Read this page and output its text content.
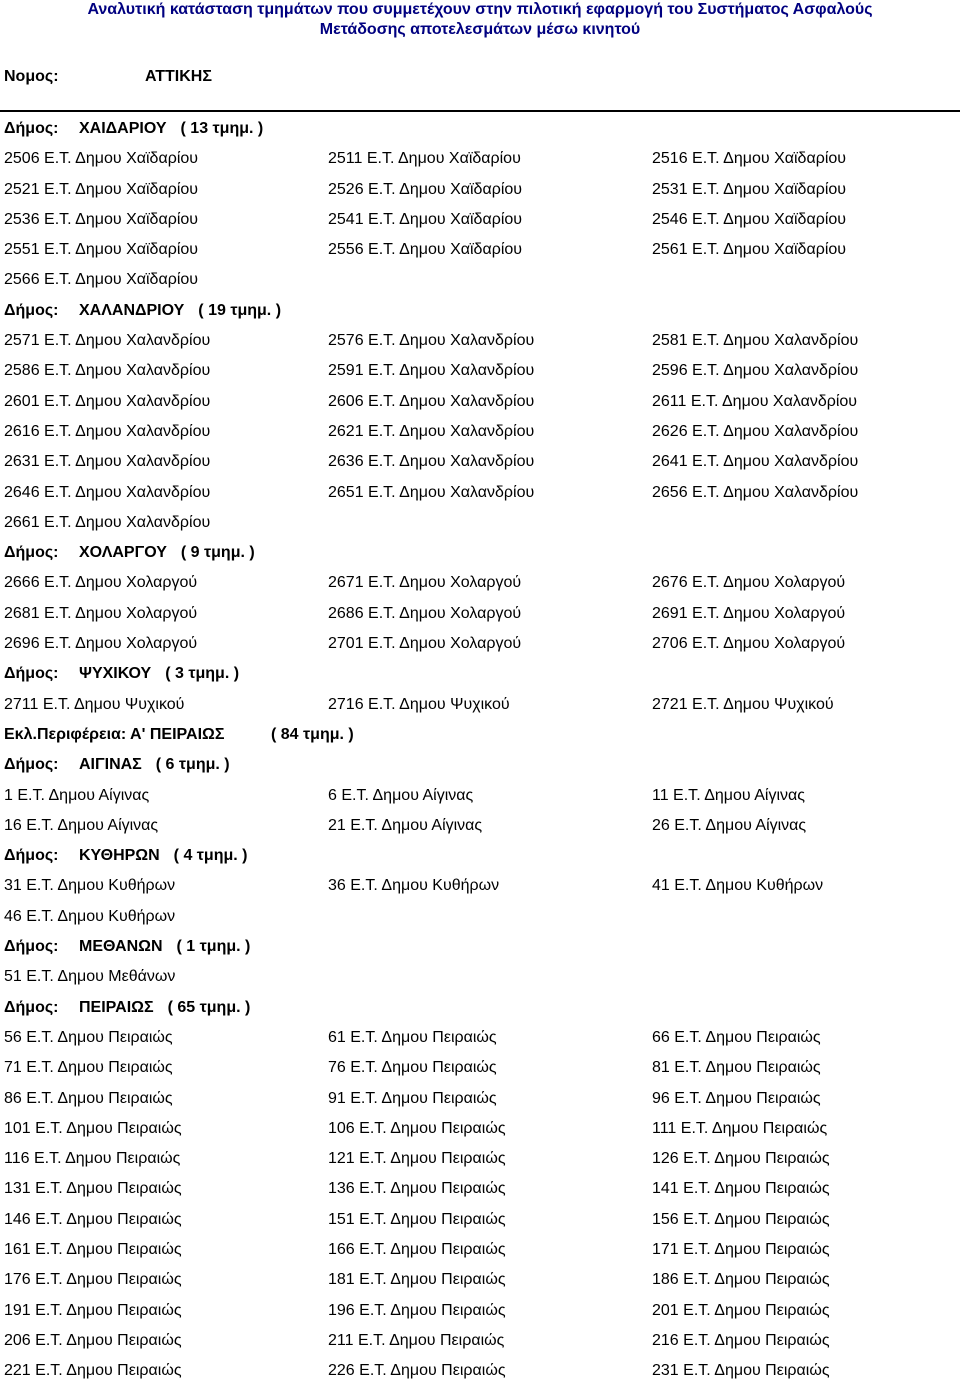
Αναλυτική κατάσταση τμημάτων που συμμετέχουν στην πιλοτική εφαρμογή του Συστήματος Ασφαλούς
Μετάδοσης αποτελεσμάτων μέσω κινητού
Νομος:	ΑΤΤΙΚΗΣ
Δήμος: ΧΑΙΔΑΡΙΟΥ ( 13 τμημ. )
2506 Ε.Τ. Δημου Χαϊδαρίου	2511 Ε.Τ. Δημου Χαϊδαρίου	2516 Ε.Τ. Δημου Χαϊδαρίου
2521 Ε.Τ. Δημου Χαϊδαρίου	2526 Ε.Τ. Δημου Χαϊδαρίου	2531 Ε.Τ. Δημου Χαϊδαρίου
2536 Ε.Τ. Δημου Χαϊδαρίου	2541 Ε.Τ. Δημου Χαϊδαρίου	2546 Ε.Τ. Δημου Χαϊδαρίου
2551 Ε.Τ. Δημου Χαϊδαρίου	2556 Ε.Τ. Δημου Χαϊδαρίου	2561 Ε.Τ. Δημου Χαϊδαρίου
2566 Ε.Τ. Δημου Χαϊδαρίου
Δήμος: ΧΑΛΑΝΔΡΙΟΥ ( 19 τμημ. )
2571 Ε.Τ. Δημου Χαλανδρίου	2576 Ε.Τ. Δημου Χαλανδρίου	2581 Ε.Τ. Δημου Χαλανδρίου
2586 Ε.Τ. Δημου Χαλανδρίου	2591 Ε.Τ. Δημου Χαλανδρίου	2596 Ε.Τ. Δημου Χαλανδρίου
2601 Ε.Τ. Δημου Χαλανδρίου	2606 Ε.Τ. Δημου Χαλανδρίου	2611 Ε.Τ. Δημου Χαλανδρίου
2616 Ε.Τ. Δημου Χαλανδρίου	2621 Ε.Τ. Δημου Χαλανδρίου	2626 Ε.Τ. Δημου Χαλανδρίου
2631 Ε.Τ. Δημου Χαλανδρίου	2636 Ε.Τ. Δημου Χαλανδρίου	2641 Ε.Τ. Δημου Χαλανδρίου
2646 Ε.Τ. Δημου Χαλανδρίου	2651 Ε.Τ. Δημου Χαλανδρίου	2656 Ε.Τ. Δημου Χαλανδρίου
2661 Ε.Τ. Δημου Χαλανδρίου
Δήμος: ΧΟΛΑΡΓΟΥ ( 9 τμημ. )
2666 Ε.Τ. Δημου Χολαργού	2671 Ε.Τ. Δημου Χολαργού	2676 Ε.Τ. Δημου Χολαργού
2681 Ε.Τ. Δημου Χολαργού	2686 Ε.Τ. Δημου Χολαργού	2691 Ε.Τ. Δημου Χολαργού
2696 Ε.Τ. Δημου Χολαργού	2701 Ε.Τ. Δημου Χολαργού	2706 Ε.Τ. Δημου Χολαργού
Δήμος: ΨΥΧΙΚΟΥ ( 3 τμημ. )
2711 Ε.Τ. Δημου Ψυχικού	2716 Ε.Τ. Δημου Ψυχικού	2721 Ε.Τ. Δημου Ψυχικού
Εκλ.Περιφέρεια: Α' ΠΕΙΡΑΙΩΣ	( 84 τμημ. )
Δήμος: ΑΙΓΙΝΑΣ ( 6 τμημ. )
1 Ε.Τ. Δημου Αίγινας	6 Ε.Τ. Δημου Αίγινας	11 Ε.Τ. Δημου Αίγινας
16 Ε.Τ. Δημου Αίγινας	21 Ε.Τ. Δημου Αίγινας	26 Ε.Τ. Δημου Αίγινας
Δήμος: ΚΥΘΗΡΩΝ ( 4 τμημ. )
31 Ε.Τ. Δημου Κυθήρων	36 Ε.Τ. Δημου Κυθήρων	41 Ε.Τ. Δημου Κυθήρων
46 Ε.Τ. Δημου Κυθήρων
Δήμος: ΜΕΘΑΝΩΝ ( 1 τμημ. )
51 Ε.Τ. Δημου Μεθάνων
Δήμος: ΠΕΙΡΑΙΩΣ ( 65 τμημ. )
56 Ε.Τ. Δημου Πειραιώς	61 Ε.Τ. Δημου Πειραιώς	66 Ε.Τ. Δημου Πειραιώς
71 Ε.Τ. Δημου Πειραιώς	76 Ε.Τ. Δημου Πειραιώς	81 Ε.Τ. Δημου Πειραιώς
86 Ε.Τ. Δημου Πειραιώς	91 Ε.Τ. Δημου Πειραιώς	96 Ε.Τ. Δημου Πειραιώς
101 Ε.Τ. Δημου Πειραιώς	106 Ε.Τ. Δημου Πειραιώς	111 Ε.Τ. Δημου Πειραιώς
116 Ε.Τ. Δημου Πειραιώς	121 Ε.Τ. Δημου Πειραιώς	126 Ε.Τ. Δημου Πειραιώς
131 Ε.Τ. Δημου Πειραιώς	136 Ε.Τ. Δημου Πειραιώς	141 Ε.Τ. Δημου Πειραιώς
146 Ε.Τ. Δημου Πειραιώς	151 Ε.Τ. Δημου Πειραιώς	156 Ε.Τ. Δημου Πειραιώς
161 Ε.Τ. Δημου Πειραιώς	166 Ε.Τ. Δημου Πειραιώς	171 Ε.Τ. Δημου Πειραιώς
176 Ε.Τ. Δημου Πειραιώς	181 Ε.Τ. Δημου Πειραιώς	186 Ε.Τ. Δημου Πειραιώς
191 Ε.Τ. Δημου Πειραιώς	196 Ε.Τ. Δημου Πειραιώς	201 Ε.Τ. Δημου Πειραιώς
206 Ε.Τ. Δημου Πειραιώς	211 Ε.Τ. Δημου Πειραιώς	216 Ε.Τ. Δημου Πειραιώς
221 Ε.Τ. Δημου Πειραιώς	226 Ε.Τ. Δημου Πειραιώς	231 Ε.Τ. Δημου Πειραιώς
